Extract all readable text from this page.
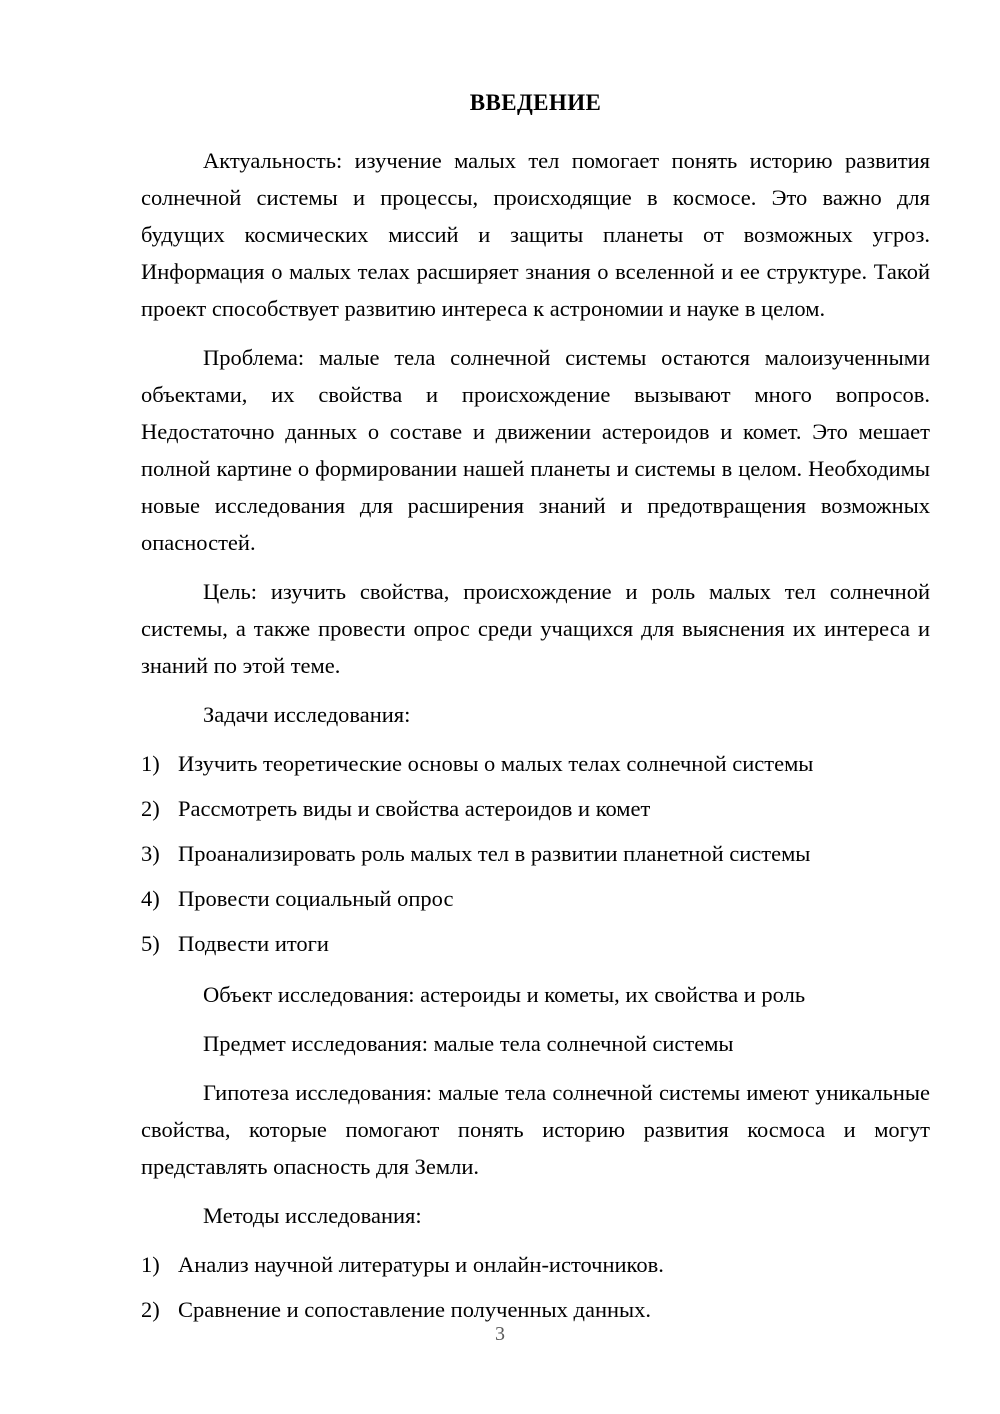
ВВЕДЕНИЕ

Актуальность: изучение малых тел помогает понять историю развития солнечной системы и процессы, происходящие в космосе. Это важно для будущих космических миссий и защиты планеты от возможных угроз. Информация о малых телах расширяет знания о вселенной и ее структуре. Такой проект способствует развитию интереса к астрономии и науке в целом.

Проблема: малые тела солнечной системы остаются малоизученными объектами, их свойства и происхождение вызывают много вопросов. Недостаточно данных о составе и движении астероидов и комет. Это мешает полной картине о формировании нашей планеты и системы в целом. Необходимы новые исследования для расширения знаний и предотвращения возможных опасностей.

Цель: изучить свойства, происхождение и роль малых тел солнечной системы, а также провести опрос среди учащихся для выяснения их интереса и знаний по этой теме.

Задачи исследования:

1) Изучить теоретические основы о малых телах солнечной системы
2) Рассмотреть виды и свойства астероидов и комет
3) Проанализировать роль малых тел в развитии планетной системы
4) Провести социальный опрос
5) Подвести итоги

Объект исследования: астероиды и кометы, их свойства и роль

Предмет исследования: малые тела солнечной системы

Гипотеза исследования: малые тела солнечной системы имеют уникальные свойства, которые помогают понять историю развития космоса и могут представлять опасность для Земли.

Методы исследования:

1) Анализ научной литературы и онлайн-источников.
2) Сравнение и сопоставление полученных данных.
3
